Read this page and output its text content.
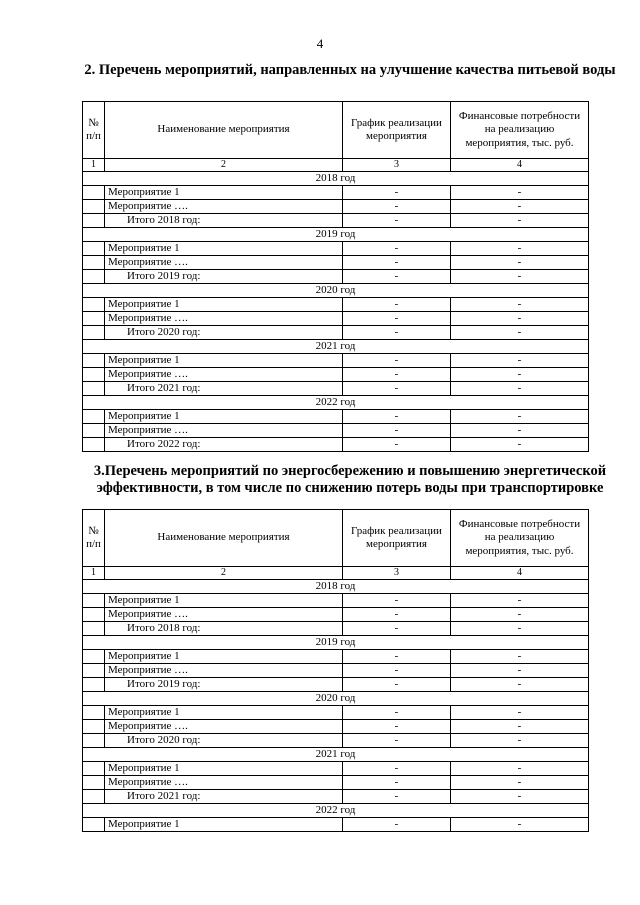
4
2. Перечень мероприятий, направленных на улучшение качества питьевой воды
№ п/п	Наименование мероприятия	График реализации мероприятия	Финансовые потребности на реализацию мероприятия, тыс. руб.
1	2	3	4
2018 год			
	Мероприятие 1	-	-
	Мероприятие ….	-	-
	Итого 2018 год:	-	-
2019 год			
	Мероприятие 1	-	-
	Мероприятие ….	-	-
	Итого 2019 год:	-	-
2020 год			
	Мероприятие 1	-	-
	Мероприятие ….	-	-
	Итого 2020 год:	-	-
2021 год			
	Мероприятие 1	-	-
	Мероприятие ….	-	-
	Итого 2021 год:	-	-
2022 год			
	Мероприятие 1	-	-
	Мероприятие ….	-	-
	Итого 2022 год:	-	-
3.Перечень мероприятий по энергосбережению и повышению энергетической эффективности, в том числе по снижению потерь воды при транспортировке
№ п/п	Наименование мероприятия	График реализации мероприятия	Финансовые потребности на реализацию мероприятия, тыс. руб.
1	2	3	4
2018 год			
	Мероприятие 1	-	-
	Мероприятие ….	-	-
	Итого 2018 год:	-	-
2019 год			
	Мероприятие 1	-	-
	Мероприятие ….	-	-
	Итого 2019 год:	-	-
2020 год			
	Мероприятие 1	-	-
	Мероприятие ….	-	-
	Итого 2020 год:	-	-
2021 год			
	Мероприятие 1	-	-
	Мероприятие ….	-	-
	Итого 2021 год:	-	-
2022 год			
	Мероприятие 1	-	-
